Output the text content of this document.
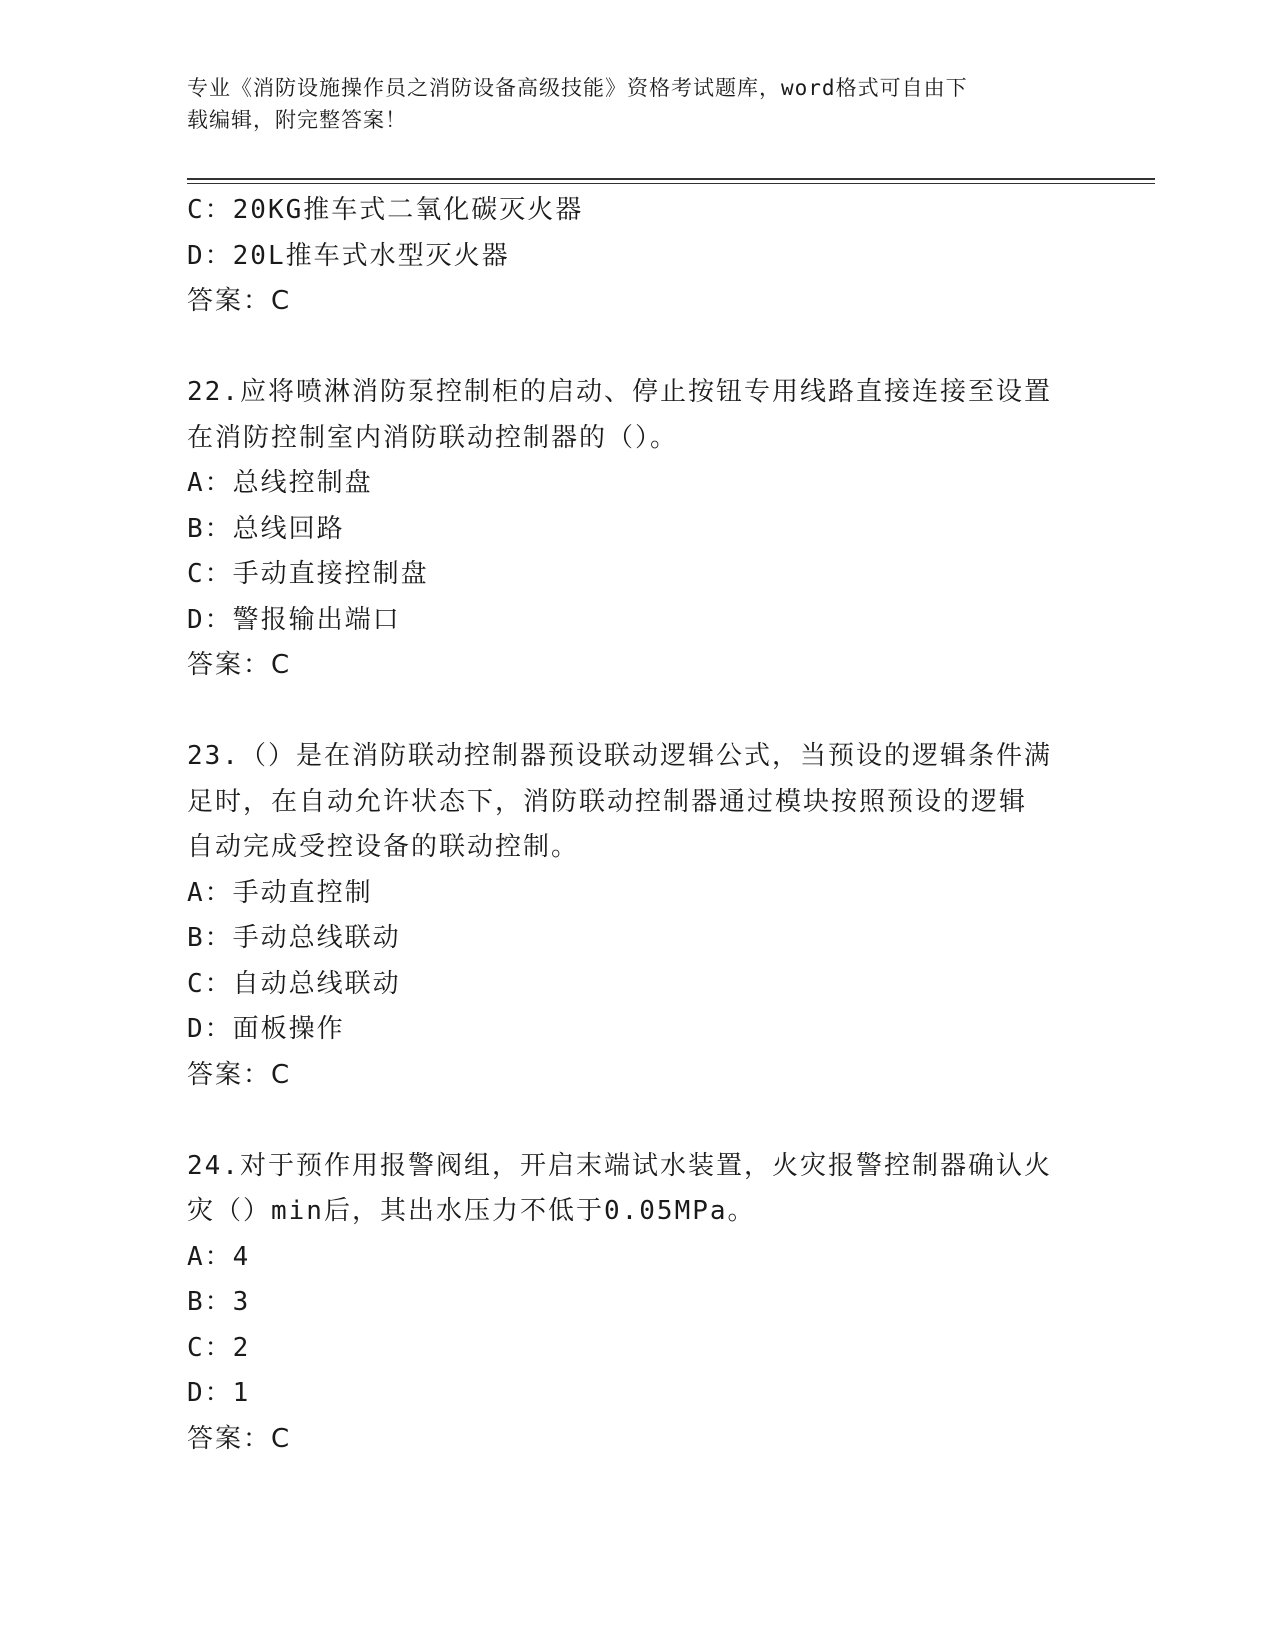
专业《消防设施操作员之消防设备高级技能》资格考试题库，word格式可自由下
载编辑，附完整答案！
C：20KG推车式二氧化碳灭火器
D：20L推车式水型灭火器
答案：C
22.应将喷淋消防泵控制柜的启动、停止按钮专用线路直接连接至设置
在消防控制室内消防联动控制器的（）。
A：总线控制盘
B：总线回路
C：手动直接控制盘
D：警报输出端口
答案：C
23.（）是在消防联动控制器预设联动逻辑公式，当预设的逻辑条件满
足时，在自动允许状态下，消防联动控制器通过模块按照预设的逻辑
自动完成受控设备的联动控制。
A：手动直控制
B：手动总线联动
C：自动总线联动
D：面板操作
答案：C
24.对于预作用报警阀组，开启末端试水装置，火灾报警控制器确认火
灾（）min后，其出水压力不低于0.05MPa。
A：4
B：3
C：2
D：1
答案：C
